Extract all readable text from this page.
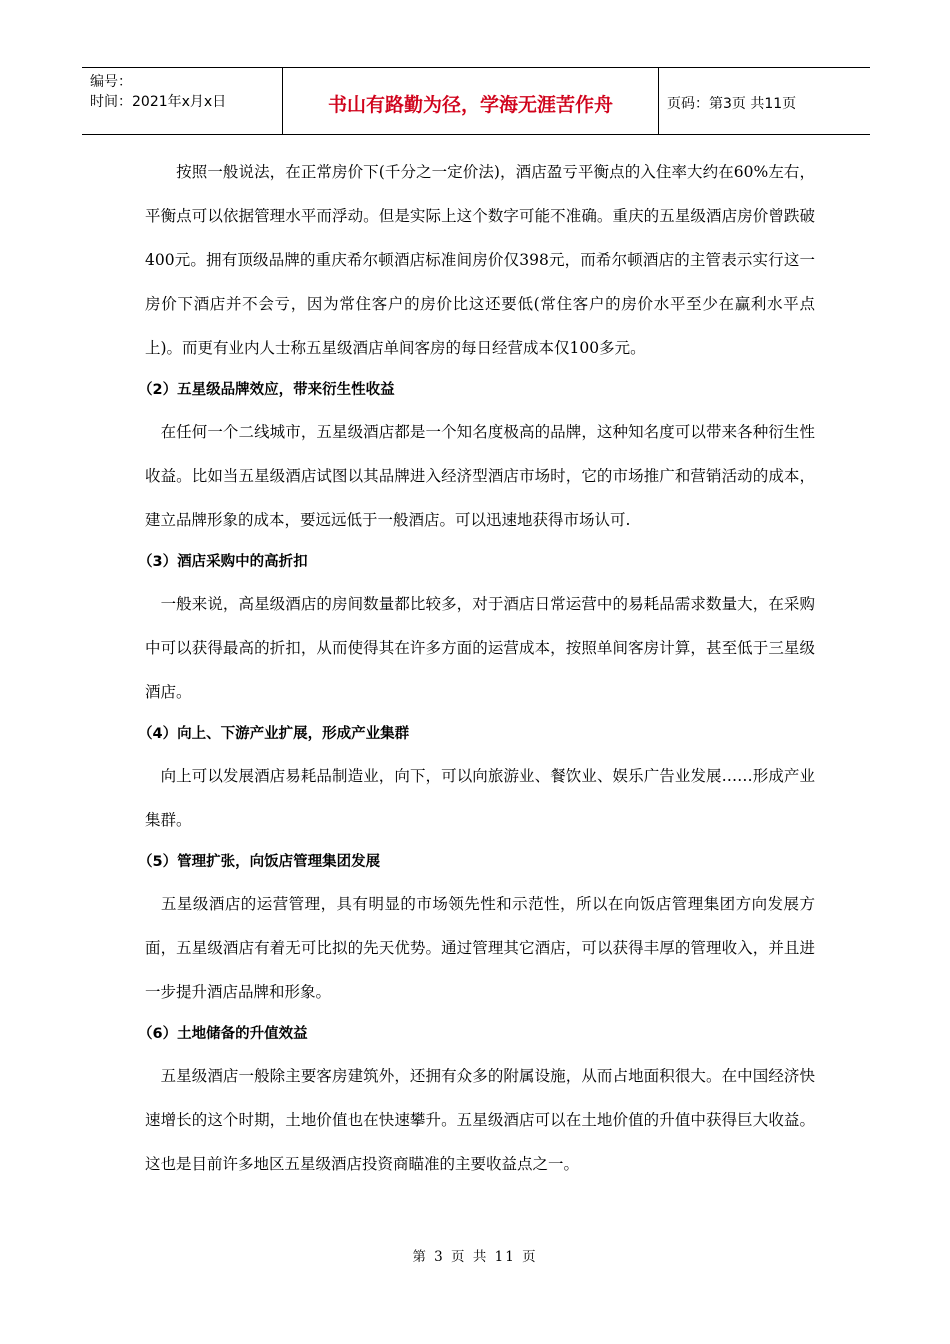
编号：
时间：2021年x月x日	书山有路勤为径，学海无涯苦作舟	页码：第3页 共11页

　　按照一般说法，在正常房价下(千分之一定价法)，酒店盈亏平衡点的入住率大约在60%左右，平衡点可以依据管理水平而浮动。但是实际上这个数字可能不准确。重庆的五星级酒店房价曾跌破400元。拥有顶级品牌的重庆希尔顿酒店标准间房价仅398元，而希尔顿酒店的主管表示实行这一房价下酒店并不会亏，因为常住客户的房价比这还要低(常住客户的房价水平至少在赢利水平点上)。而更有业内人士称五星级酒店单间客房的每日经营成本仅100多元。

（2）五星级品牌效应，带来衍生性收益

　在任何一个二线城市，五星级酒店都是一个知名度极高的品牌，这种知名度可以带来各种衍生性收益。比如当五星级酒店试图以其品牌进入经济型酒店市场时，它的市场推广和营销活动的成本，建立品牌形象的成本，要远远低于一般酒店。可以迅速地获得市场认可.

（3）酒店采购中的高折扣

　一般来说，高星级酒店的房间数量都比较多，对于酒店日常运营中的易耗品需求数量大，在采购中可以获得最高的折扣，从而使得其在许多方面的运营成本，按照单间客房计算，甚至低于三星级酒店。

（4）向上、下游产业扩展，形成产业集群

　向上可以发展酒店易耗品制造业，向下，可以向旅游业、餐饮业、娱乐广告业发展……形成产业集群。

（5）管理扩张，向饭店管理集团发展

　五星级酒店的运营管理，具有明显的市场领先性和示范性，所以在向饭店管理集团方向发展方面，五星级酒店有着无可比拟的先天优势。通过管理其它酒店，可以获得丰厚的管理收入，并且进一步提升酒店品牌和形象。

（6）土地储备的升值效益

　五星级酒店一般除主要客房建筑外，还拥有众多的附属设施，从而占地面积很大。在中国经济快速增长的这个时期，土地价值也在快速攀升。五星级酒店可以在土地价值的升值中获得巨大收益。这也是目前许多地区五星级酒店投资商瞄准的主要收益点之一。

第 3 页 共 11 页
